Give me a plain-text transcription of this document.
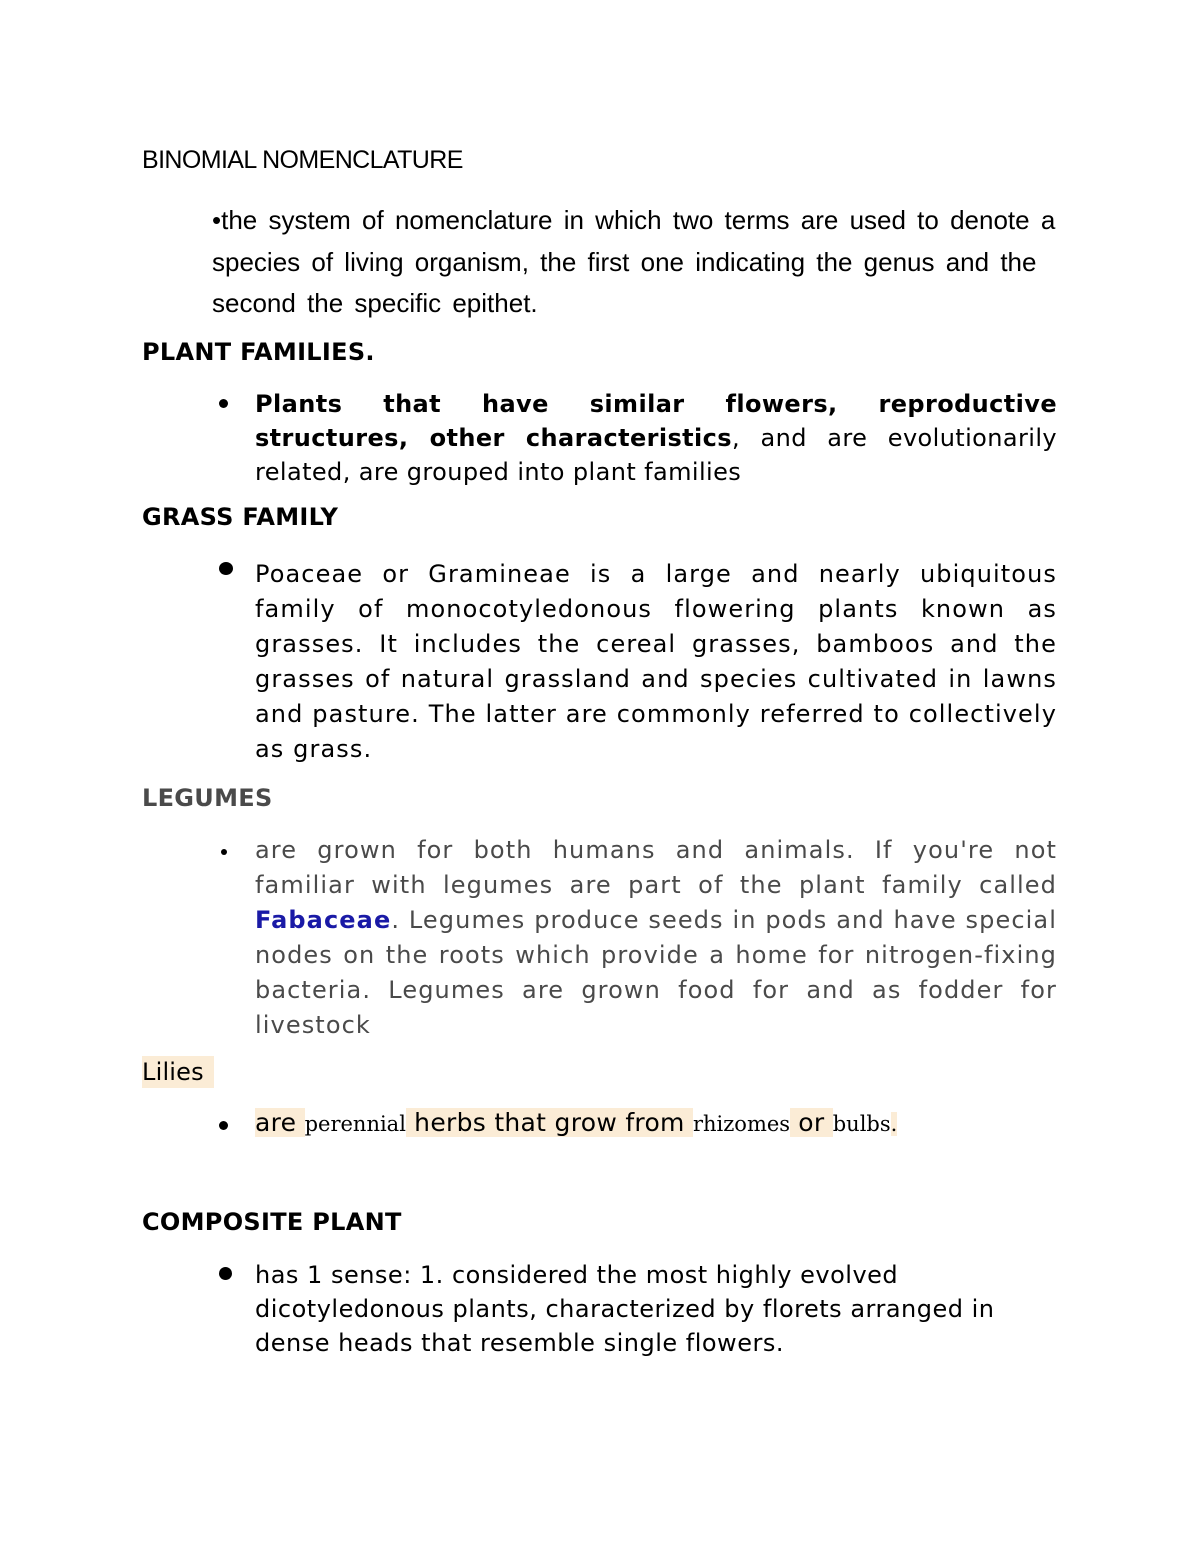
BINOMIAL NOMENCLATURE
•the system of nomenclature in which two terms are used to denote a species of living organism, the first one indicating the genus and the second the specific epithet.
PLANT FAMILIES.
Plants that have similar flowers, reproductive structures, other characteristics, and are evolutionarily related, are grouped into plant families
GRASS FAMILY
Poaceae or Gramineae is a large and nearly ubiquitous family of monocotyledonous flowering plants known as grasses. It includes the cereal grasses, bamboos and the grasses of natural grassland and species cultivated in lawns and pasture. The latter are commonly referred to collectively as grass.
LEGUMES
are grown for both humans and animals. If you're not familiar with legumes are part of the plant family called Fabaceae. Legumes produce seeds in pods and have special nodes on the roots which provide a home for nitrogen-fixing bacteria. Legumes are grown food for and as fodder for livestock
Lilies
are perennial herbs that grow from rhizomes or bulbs.
COMPOSITE PLANT
has 1 sense: 1. considered the most highly evolved dicotyledonous plants, characterized by florets arranged in dense heads that resemble single flowers.
